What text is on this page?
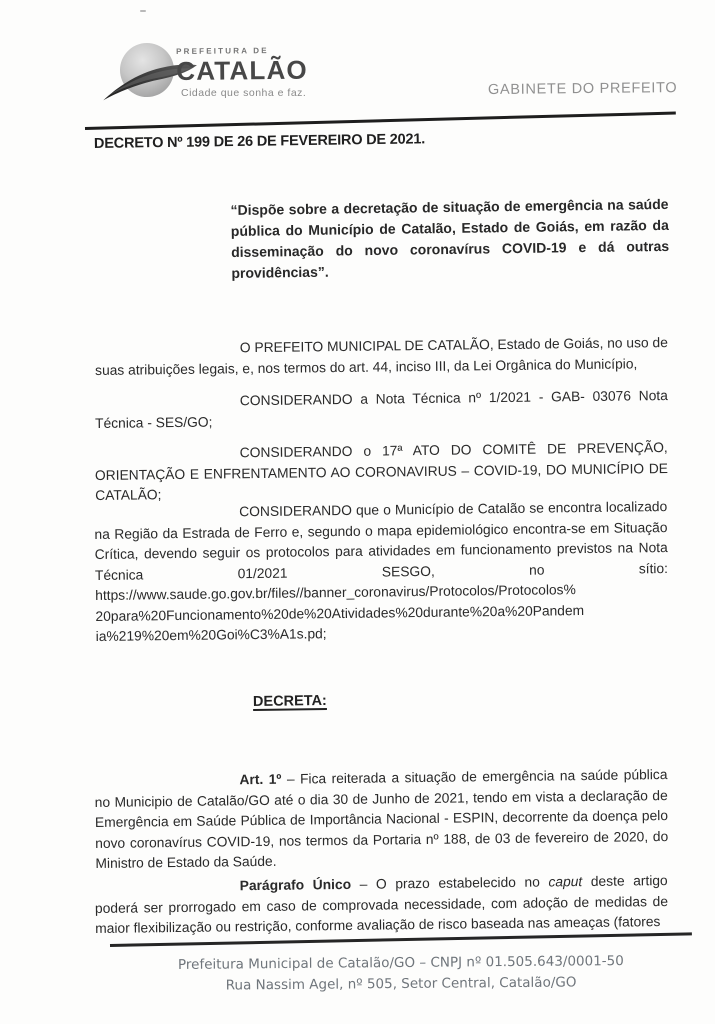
PREFEITURA DE
CATALÃO
Cidade que sonha e faz.	GABINETE DO PREFEITO
DECRETO Nº 199 DE 26 DE FEVEREIRO DE 2021.
“Dispõe sobre a decretação de situação de emergência na saúde pública do Município de Catalão, Estado de Goiás, em razão da disseminação do novo coronavírus COVID-19 e dá outras providências”.

O PREFEITO MUNICIPAL DE CATALÃO, Estado de Goiás, no uso de suas atribuições legais, e, nos termos do art. 44, inciso III, da Lei Orgânica do Município,

CONSIDERANDO a Nota Técnica nº 1/2021 - GAB- 03076 Nota Técnica - SES/GO;

CONSIDERANDO o 17ª ATO DO COMITÊ DE PREVENÇÃO, ORIENTAÇÃO E ENFRENTAMENTO AO CORONAVIRUS – COVID-19, DO MUNICÍPIO DE CATALÃO;

CONSIDERANDO que o Município de Catalão se encontra localizado na Região da Estrada de Ferro e, segundo o mapa epidemiológico encontra-se em Situação Crítica, devendo seguir os protocolos para atividades em funcionamento previstos na Nota Técnica 01/2021 SESGO, no sítio:
https://www.saude.go.gov.br/files//banner_coronavirus/Protocolos/Protocolos%
20para%20Funcionamento%20de%20Atividades%20durante%20a%20Pandem
ia%219%20em%20Goi%C3%A1s.pd;
DECRETA:

Art. 1º – Fica reiterada a situação de emergência na saúde pública no Municipio de Catalão/GO até o dia 30 de Junho de 2021, tendo em vista a declaração de Emergência em Saúde Pública de Importância Nacional - ESPIN, decorrente da doença pelo novo coronavírus COVID-19, nos termos da Portaria nº 188, de 03 de fevereiro de 2020, do Ministro de Estado da Saúde.

Parágrafo Único – O prazo estabelecido no caput deste artigo poderá ser prorrogado em caso de comprovada necessidade, com adoção de medidas de maior flexibilização ou restrição, conforme avaliação de risco baseada nas ameaças (fatores

Prefeitura Municipal de Catalão/GO – CNPJ nº 01.505.643/0001-50
Rua Nassim Agel, nº 505, Setor Central, Catalão/GO
